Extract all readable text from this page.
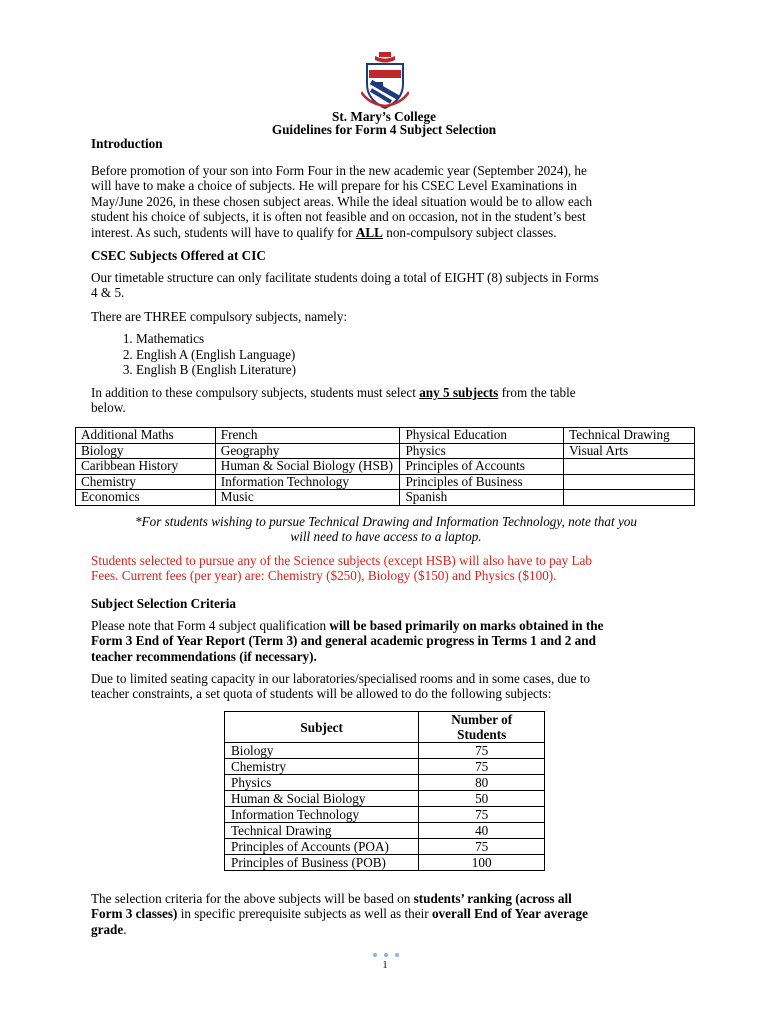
St. Mary’s College
Guidelines for Form 4 Subject Selection
Introduction

Before promotion of your son into Form Four in the new academic year (September 2024), he

will have to make a choice of subjects. He will prepare for his CSEC Level Examinations in

May/June 2026, in these chosen subject areas. While the ideal situation would be to allow each

student his choice of subjects, it is often not feasible and on occasion, not in the student’s best

interest. As such, students will have to qualify for ALL non-compulsory subject classes.

CSEC Subjects Offered at CIC

Our timetable structure can only facilitate students doing a total of EIGHT (8) subjects in Forms

4 & 5.

There are THREE compulsory subjects, namely:
1. Mathematics
2. English A (English Language)
3. English B (English Literature)

In addition to these compulsory subjects, students must select any 5 subjects from the table

below.

Additional Maths	French	Physical Education	Technical Drawing
Biology	Geography	Physics	Visual Arts
Caribbean History	Human & Social Biology (HSB)	Principles of Accounts	
Chemistry	Information Technology	Principles of Business	
Economics	Music	Spanish	

*For students wishing to pursue Technical Drawing and Information Technology, note that you

will need to have access to a laptop.

Students selected to pursue any of the Science subjects (except HSB) will also have to pay Lab

Fees. Current fees (per year) are: Chemistry ($250), Biology ($150) and Physics ($100).

Subject Selection Criteria

Please note that Form 4 subject qualification will be based primarily on marks obtained in the

Form 3 End of Year Report (Term 3) and general academic progress in Terms 1 and 2 and

teacher recommendations (if necessary).

Due to limited seating capacity in our laboratories/specialised rooms and in some cases, due to

teacher constraints, a set quota of students will be allowed to do the following subjects:

Subject	Number of
Students
Biology	75
Chemistry	75
Physics	80
Human & Social Biology	50
Information Technology	75
Technical Drawing	40
Principles of Accounts (POA)	75
Principles of Business (POB)	100

The selection criteria for the above subjects will be based on students’ ranking (across all

Form 3 classes) in specific prerequisite subjects as well as their overall End of Year average

grade.

1
